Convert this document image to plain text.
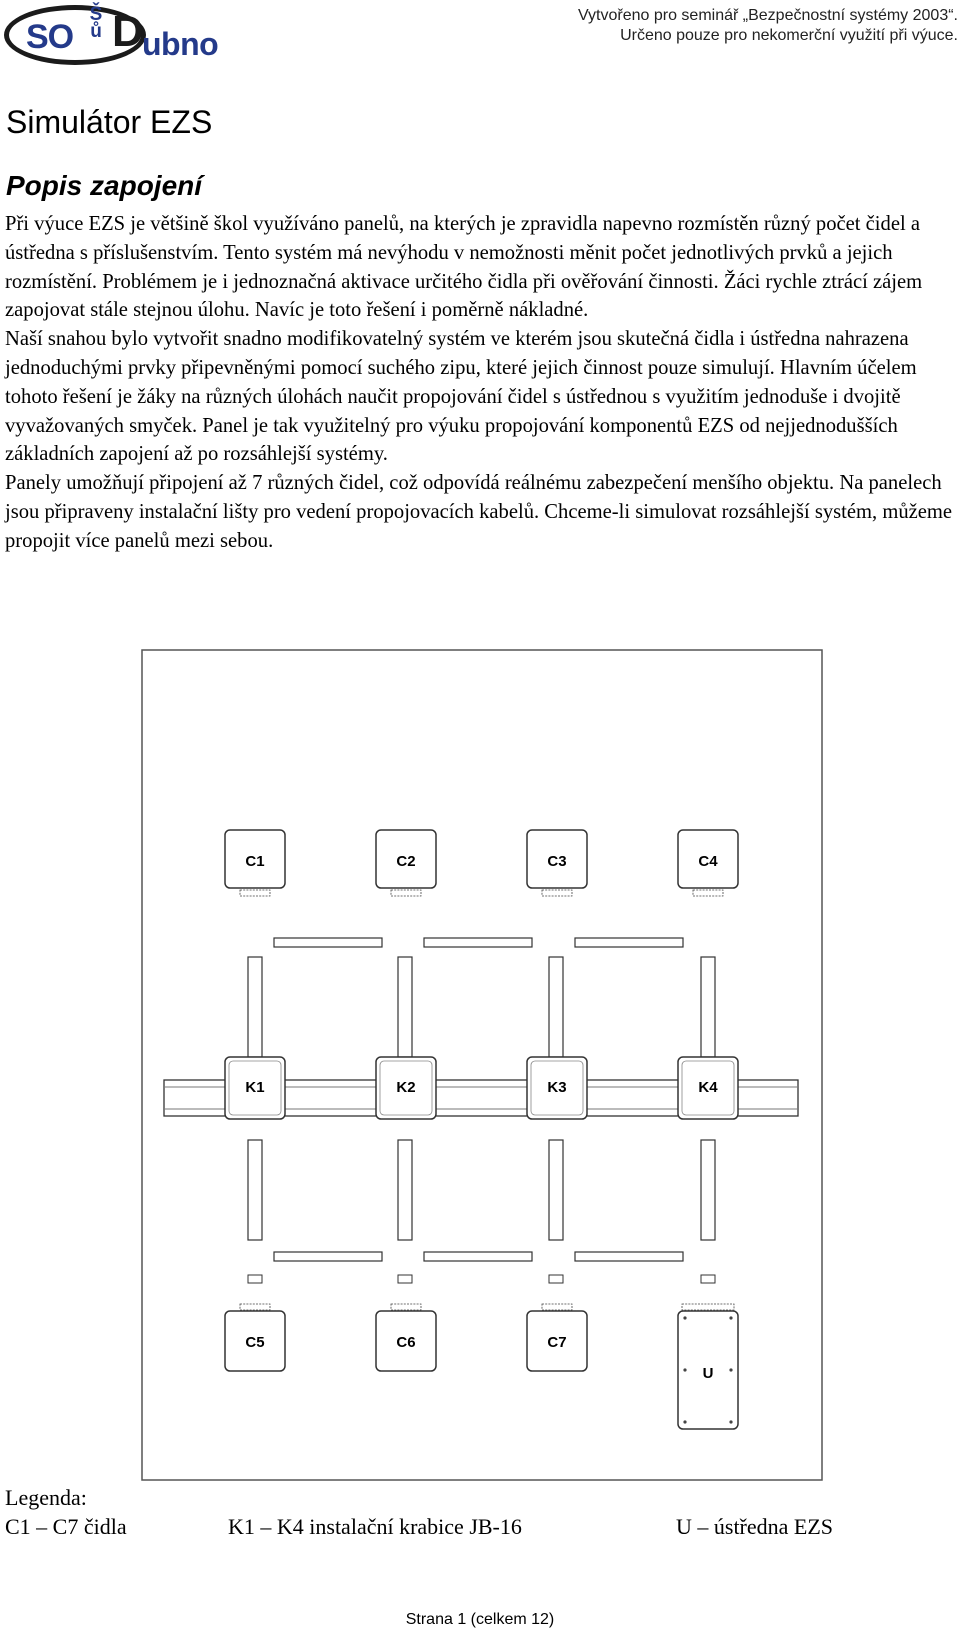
SO
Š
ů D
ubno
Vytvořeno pro seminář „Bezpečnostní systémy 2003“.
Určeno pouze pro nekomerční využití při výuce.
Simulátor EZS
Popis zapojení

Při výuce EZS je většině škol využíváno panelů, na kterých je zpravidla napevno rozmístěn různý počet čidel a ústředna s příslušenstvím. Tento systém má nevýhodu v nemožnosti měnit počet jednotlivých prvků a jejich rozmístění. Problémem je i jednoznačná aktivace určitého čidla při ověřování činnosti. Žáci rychle ztrácí zájem zapojovat stále stejnou úlohu. Navíc je toto řešení i poměrně nákladné.

Naší snahou bylo vytvořit snadno modifikovatelný systém ve kterém jsou skutečná čidla i ústředna nahrazena jednoduchými prvky připevněnými pomocí suchého zipu, které jejich činnost pouze simulují. Hlavním účelem tohoto řešení je žáky na různých úlohách naučit propojování čidel s ústřednou s využitím jednoduše i dvojitě vyvažovaných smyček. Panel je tak využitelný pro výuku propojování komponentů EZS od nejjednodušších základních zapojení až po rozsáhlejší systémy.

Panely umožňují připojení až 7 různých čidel, což odpovídá reálnému zabezpečení menšího objektu. Na panelech jsou připraveny instalační lišty pro vedení propojovacích kabelů. Chceme-li simulovat rozsáhlejší systém, můžeme propojit více panelů mezi sebou.

C1	C2	C3	C4
K1	K2	K3	K4
C5	C6	C7
U
Legenda:
C1 – C7 čidla	K1 – K4 instalační krabice JB-16	U – ústředna EZS
Strana 1 (celkem 12)
